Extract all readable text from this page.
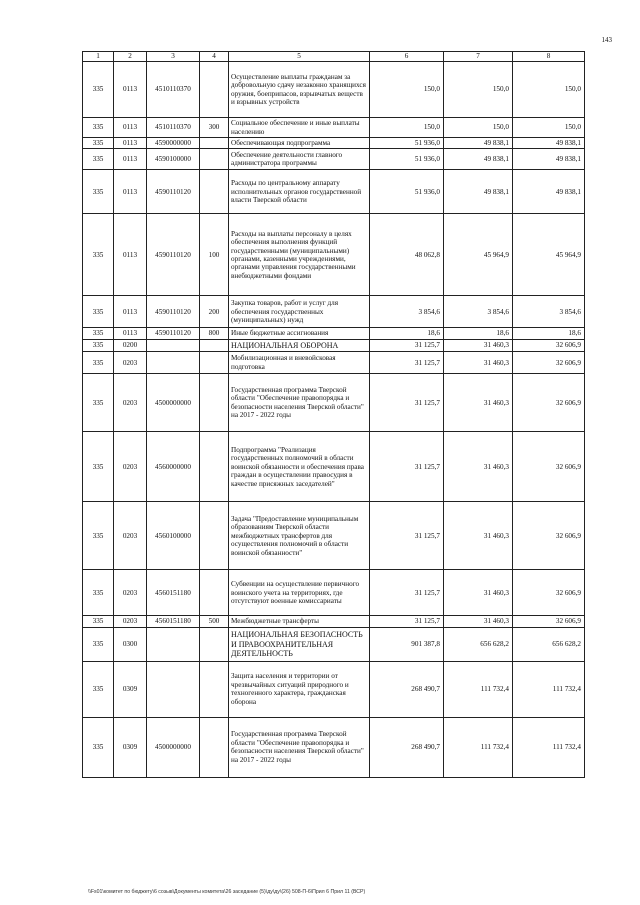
143
1	2	3	4	5	6	7	8
335	0113	4510110370		Осуществление выплаты гражданам за добровольную сдачу незаконно хранящихся оружия, боеприпасов, взрывчатых веществ и взрывных устройств	150,0	150,0	150,0
335	0113	4510110370	300	Социальное обеспечение и иные выплаты населению	150,0	150,0	150,0
335	0113	4590000000		Обеспечивающая подпрограмма	51 936,0	49 838,1	49 838,1
335	0113	4590100000		Обеспечение деятельности главного администратора программы	51 936,0	49 838,1	49 838,1
335	0113	4590110120		Расходы по центральному аппарату исполнительных органов государственной власти Тверской области	51 936,0	49 838,1	49 838,1
335	0113	4590110120	100	Расходы на выплаты персоналу в целях обеспечения выполнения функций государственными (муниципальными) органами, казенными учреждениями, органами управления государственными внебюджетными фондами	48 062,8	45 964,9	45 964,9
335	0113	4590110120	200	Закупка товаров, работ и услуг для обеспечения государственных (муниципальных) нужд	3 854,6	3 854,6	3 854,6
335	0113	4590110120	800	Иные бюджетные ассигнования	18,6	18,6	18,6
335	0200			НАЦИОНАЛЬНАЯ ОБОРОНА	31 125,7	31 460,3	32 606,9
335	0203			Мобилизационная и вневойсковая подготовка	31 125,7	31 460,3	32 606,9
335	0203	4500000000		Государственная программа Тверской области "Обеспечение правопорядка и безопасности населения Тверской области" на 2017 - 2022 годы	31 125,7	31 460,3	32 606,9
335	0203	4560000000		Подпрограмма "Реализация государственных полномочий в области воинской обязанности и обеспечения права граждан в осуществлении правосудия в качестве присяжных заседателей"	31 125,7	31 460,3	32 606,9
335	0203	4560100000		Задача "Предоставление муниципальным образованиям Тверской области межбюджетных трансфертов для осуществления полномочий в области воинской обязанности"	31 125,7	31 460,3	32 606,9
335	0203	4560151180		Субвенции на осуществление первичного воинского учета на территориях, где отсутствуют военные комиссариаты	31 125,7	31 460,3	32 606,9
335	0203	4560151180	500	Межбюджетные трансферты	31 125,7	31 460,3	32 606,9
335	0300			НАЦИОНАЛЬНАЯ БЕЗОПАСНОСТЬ И ПРАВООХРАНИТЕЛЬНАЯ ДЕЯТЕЛЬНОСТЬ	901 387,8	656 628,2	656 628,2
335	0309			Защита населения и территории от чрезвычайных ситуаций природного и техногенного характера, гражданская оборона	268 490,7	111 732,4	111 732,4
335	0309	4500000000		Государственная программа Тверской области "Обеспечение правопорядка и безопасности населения Тверской области" на 2017 - 2022 годы	268 490,7	111 732,4	111 732,4
\\Fs01\комитет по бюджету\6 созыв\Документы комитета\26 заседание (5)\ду\ду\(26) 508-П-6\Прил 6 Прил 11 (ВСР)
